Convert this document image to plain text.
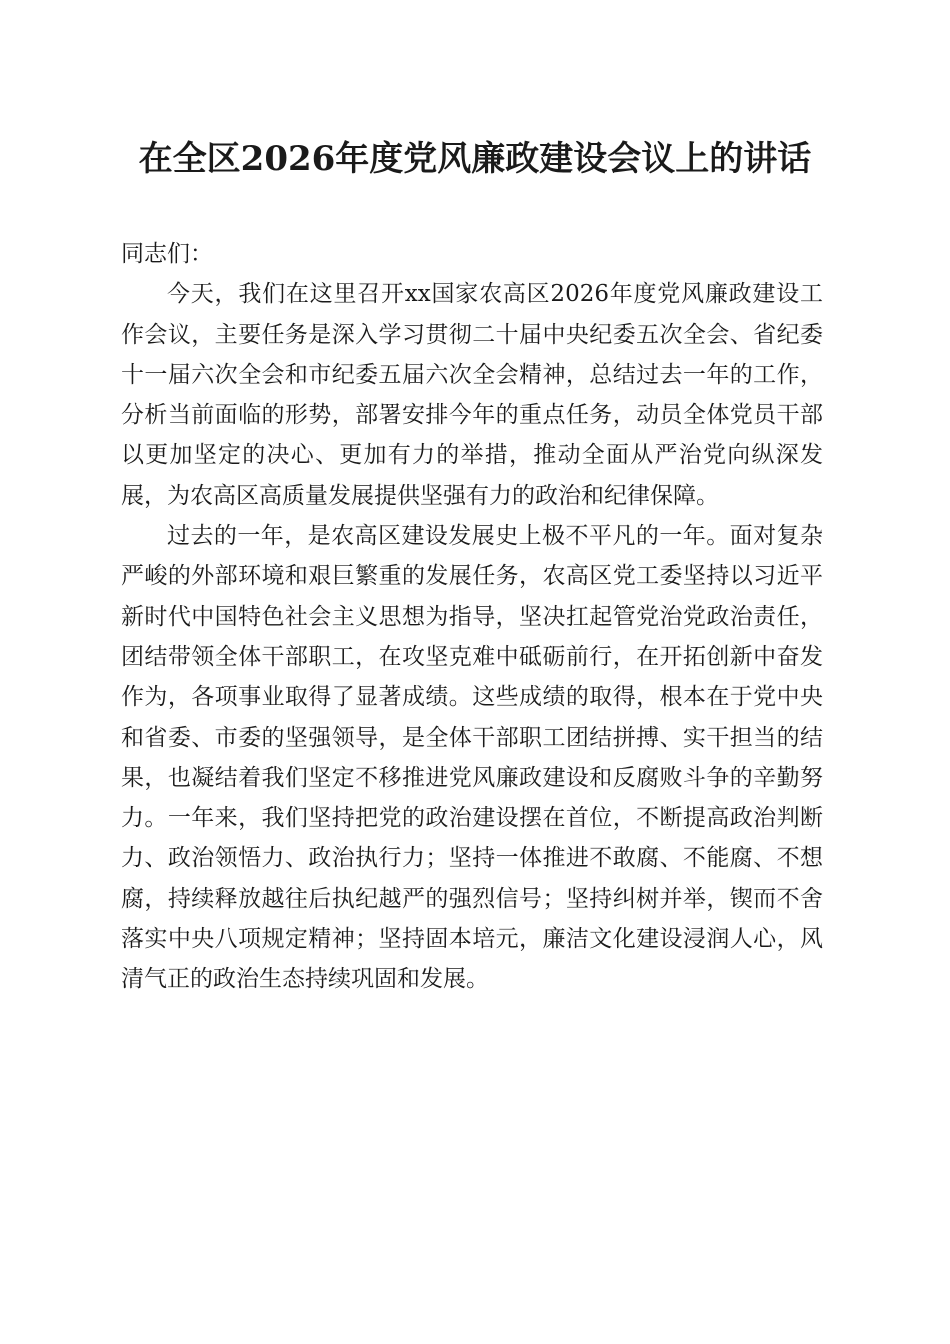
在全区2026年度党风廉政建设会议上的讲话

同志们：

今天，我们在这里召开xx国家农高区2026年度党风廉政建设工作会议，主要任务是深入学习贯彻二十届中央纪委五次全会、省纪委十一届六次全会和市纪委五届六次全会精神，总结过去一年的工作，分析当前面临的形势，部署安排今年的重点任务，动员全体党员干部以更加坚定的决心、更加有力的举措，推动全面从严治党向纵深发展，为农高区高质量发展提供坚强有力的政治和纪律保障。

过去的一年，是农高区建设发展史上极不平凡的一年。面对复杂严峻的外部环境和艰巨繁重的发展任务，农高区党工委坚持以习近平新时代中国特色社会主义思想为指导，坚决扛起管党治党政治责任，团结带领全体干部职工，在攻坚克难中砥砺前行，在开拓创新中奋发作为，各项事业取得了显著成绩。这些成绩的取得，根本在于党中央和省委、市委的坚强领导，是全体干部职工团结拼搏、实干担当的结果，也凝结着我们坚定不移推进党风廉政建设和反腐败斗争的辛勤努力。一年来，我们坚持把党的政治建设摆在首位，不断提高政治判断力、政治领悟力、政治执行力；坚持一体推进不敢腐、不能腐、不想腐，持续释放越往后执纪越严的强烈信号；坚持纠树并举，锲而不舍落实中央八项规定精神；坚持固本培元，廉洁文化建设浸润人心，风清气正的政治生态持续巩固和发展。
